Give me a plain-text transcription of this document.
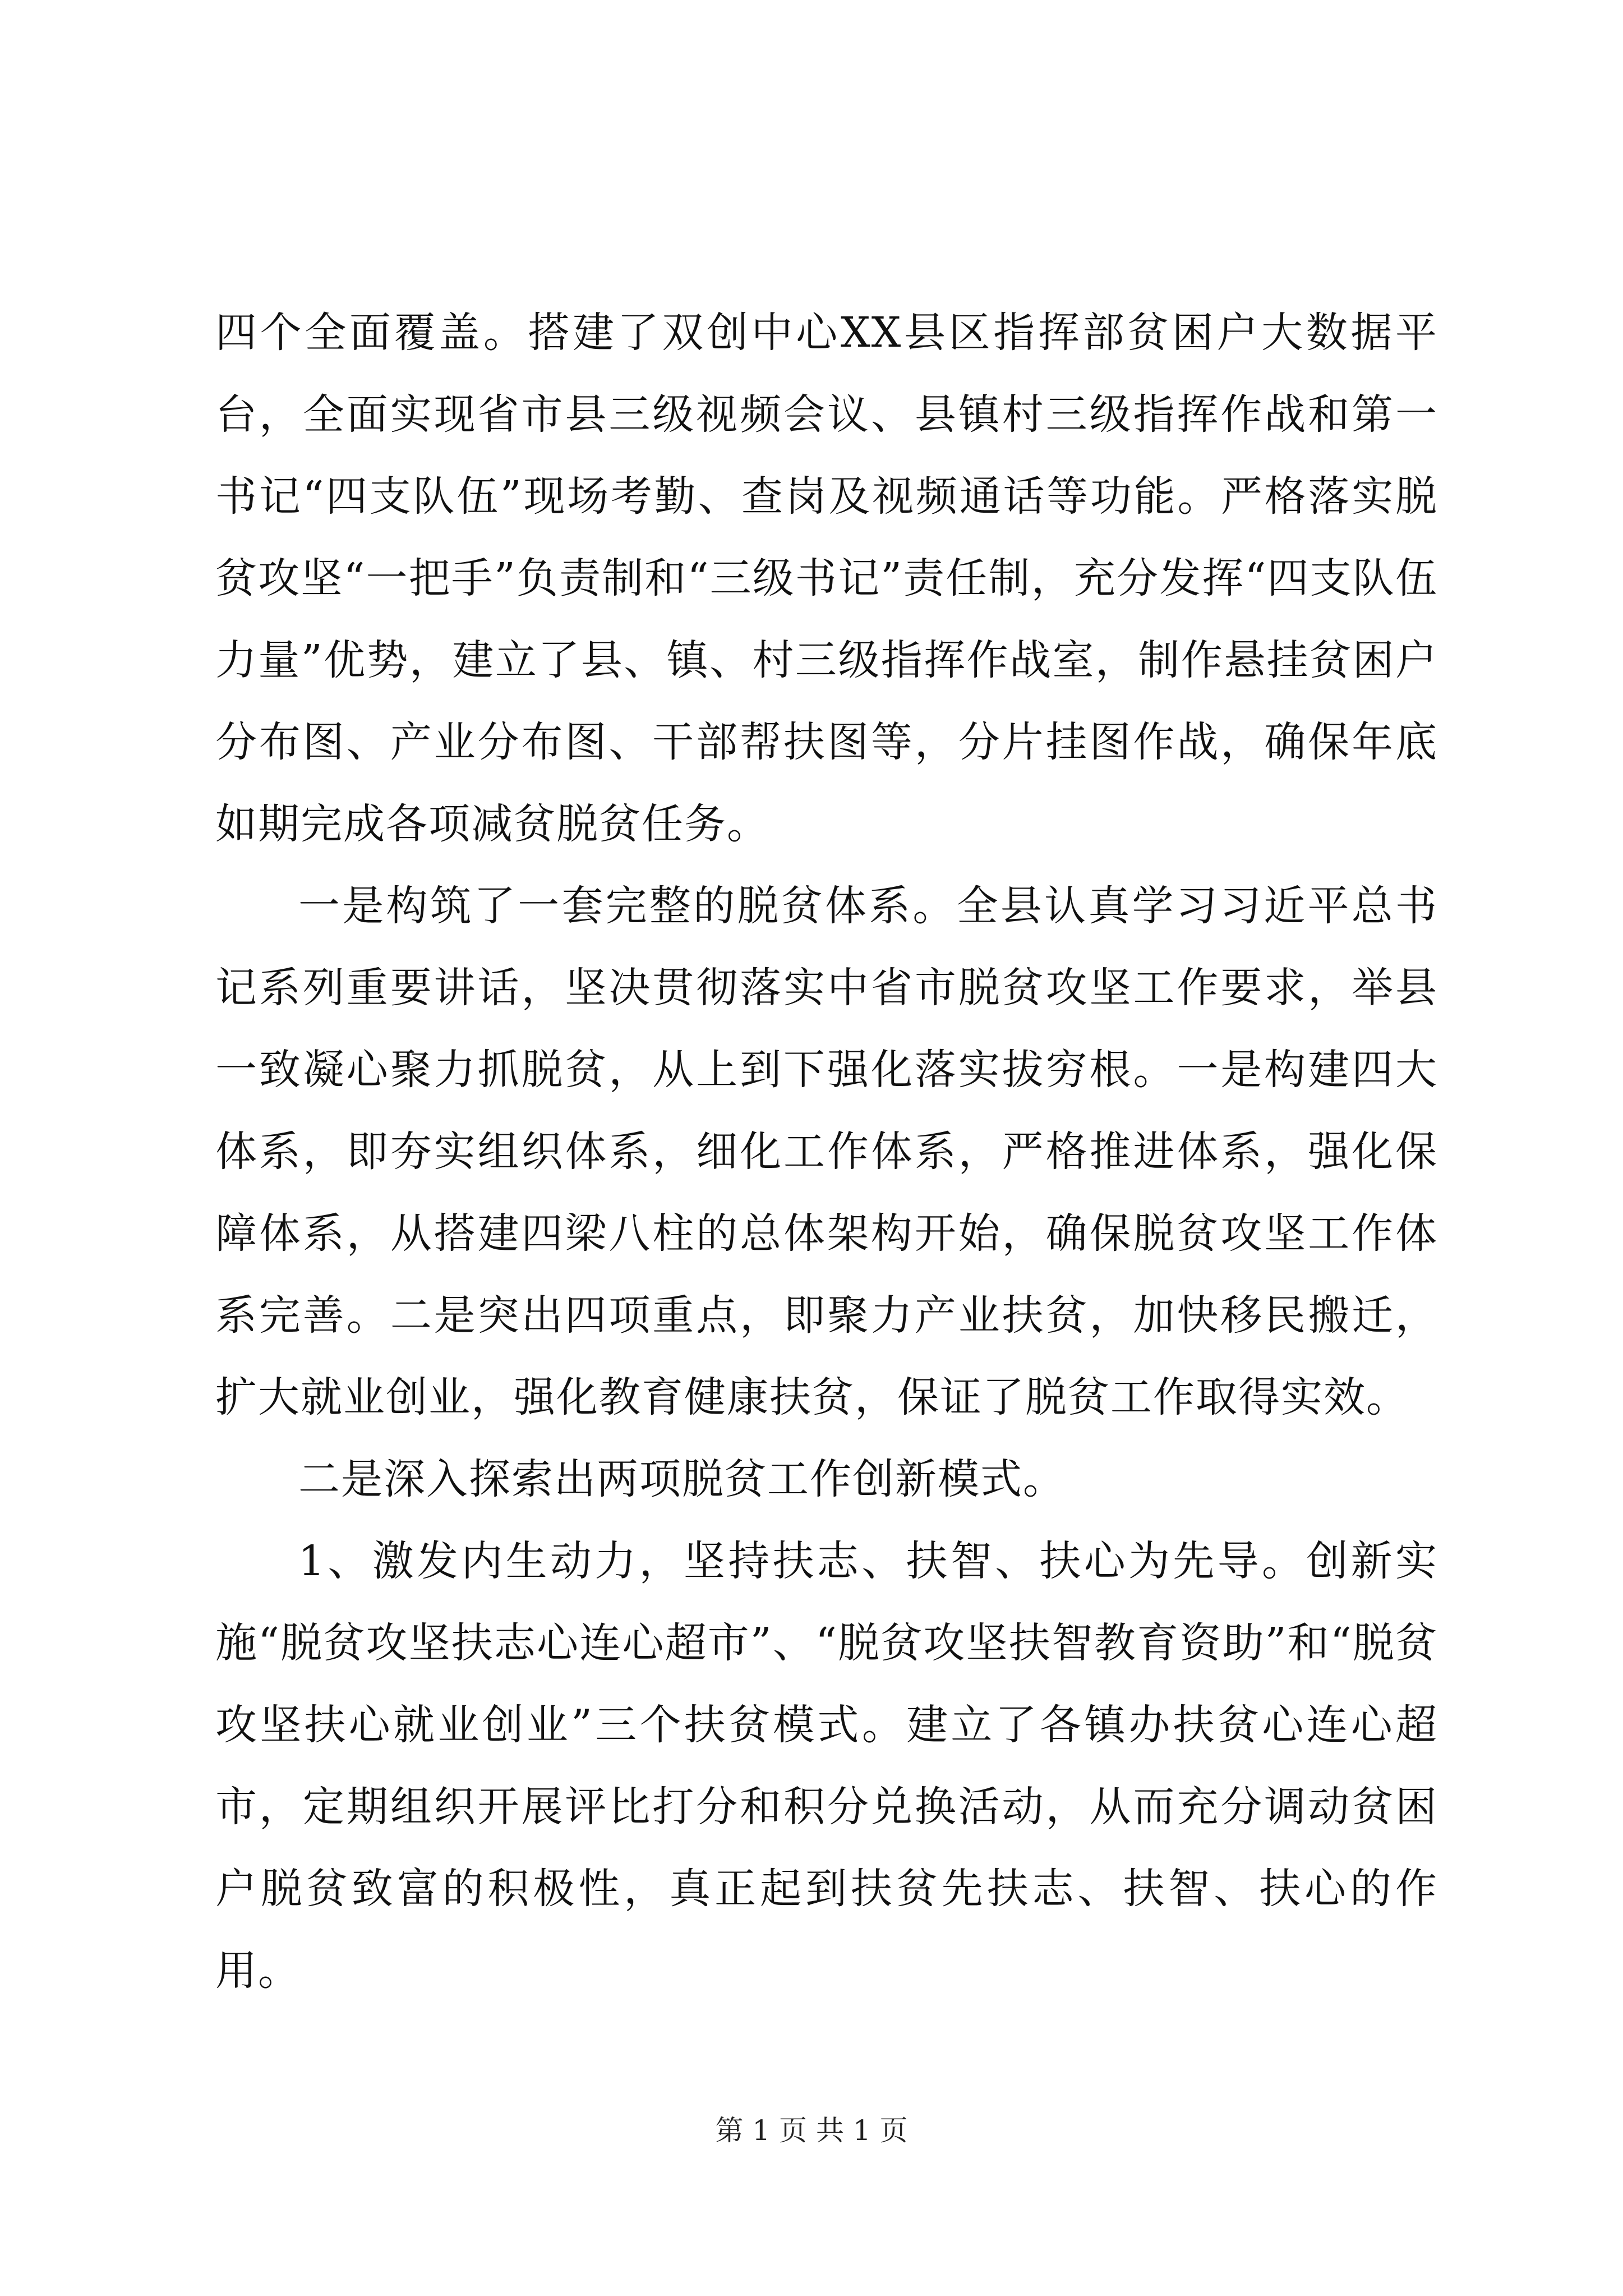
四个全面覆盖。搭建了双创中心XX县区指挥部贫困户大数据平台，全面实现省市县三级视频会议、县镇村三级指挥作战和第一书记“四支队伍”现场考勤、查岗及视频通话等功能。严格落实脱贫攻坚“一把手”负责制和“三级书记”责任制，充分发挥“四支队伍力量”优势，建立了县、镇、村三级指挥作战室，制作悬挂贫困户分布图、产业分布图、干部帮扶图等，分片挂图作战，确保年底如期完成各项减贫脱贫任务。

一是构筑了一套完整的脱贫体系。全县认真学习习近平总书记系列重要讲话，坚决贯彻落实中省市脱贫攻坚工作要求，举县一致凝心聚力抓脱贫，从上到下强化落实拔穷根。一是构建四大体系，即夯实组织体系，细化工作体系，严格推进体系，强化保障体系，从搭建四梁八柱的总体架构开始，确保脱贫攻坚工作体系完善。二是突出四项重点，即聚力产业扶贫，加快移民搬迁，扩大就业创业，强化教育健康扶贫，保证了脱贫工作取得实效。

二是深入探索出两项脱贫工作创新模式。

1、激发内生动力，坚持扶志、扶智、扶心为先导。创新实施“脱贫攻坚扶志心连心超市”、“脱贫攻坚扶智教育资助”和“脱贫攻坚扶心就业创业”三个扶贫模式。建立了各镇办扶贫心连心超市，定期组织开展评比打分和积分兑换活动，从而充分调动贫困户脱贫致富的积极性，真正起到扶贫先扶志、扶智、扶心的作用。

第 1 页 共 1 页
